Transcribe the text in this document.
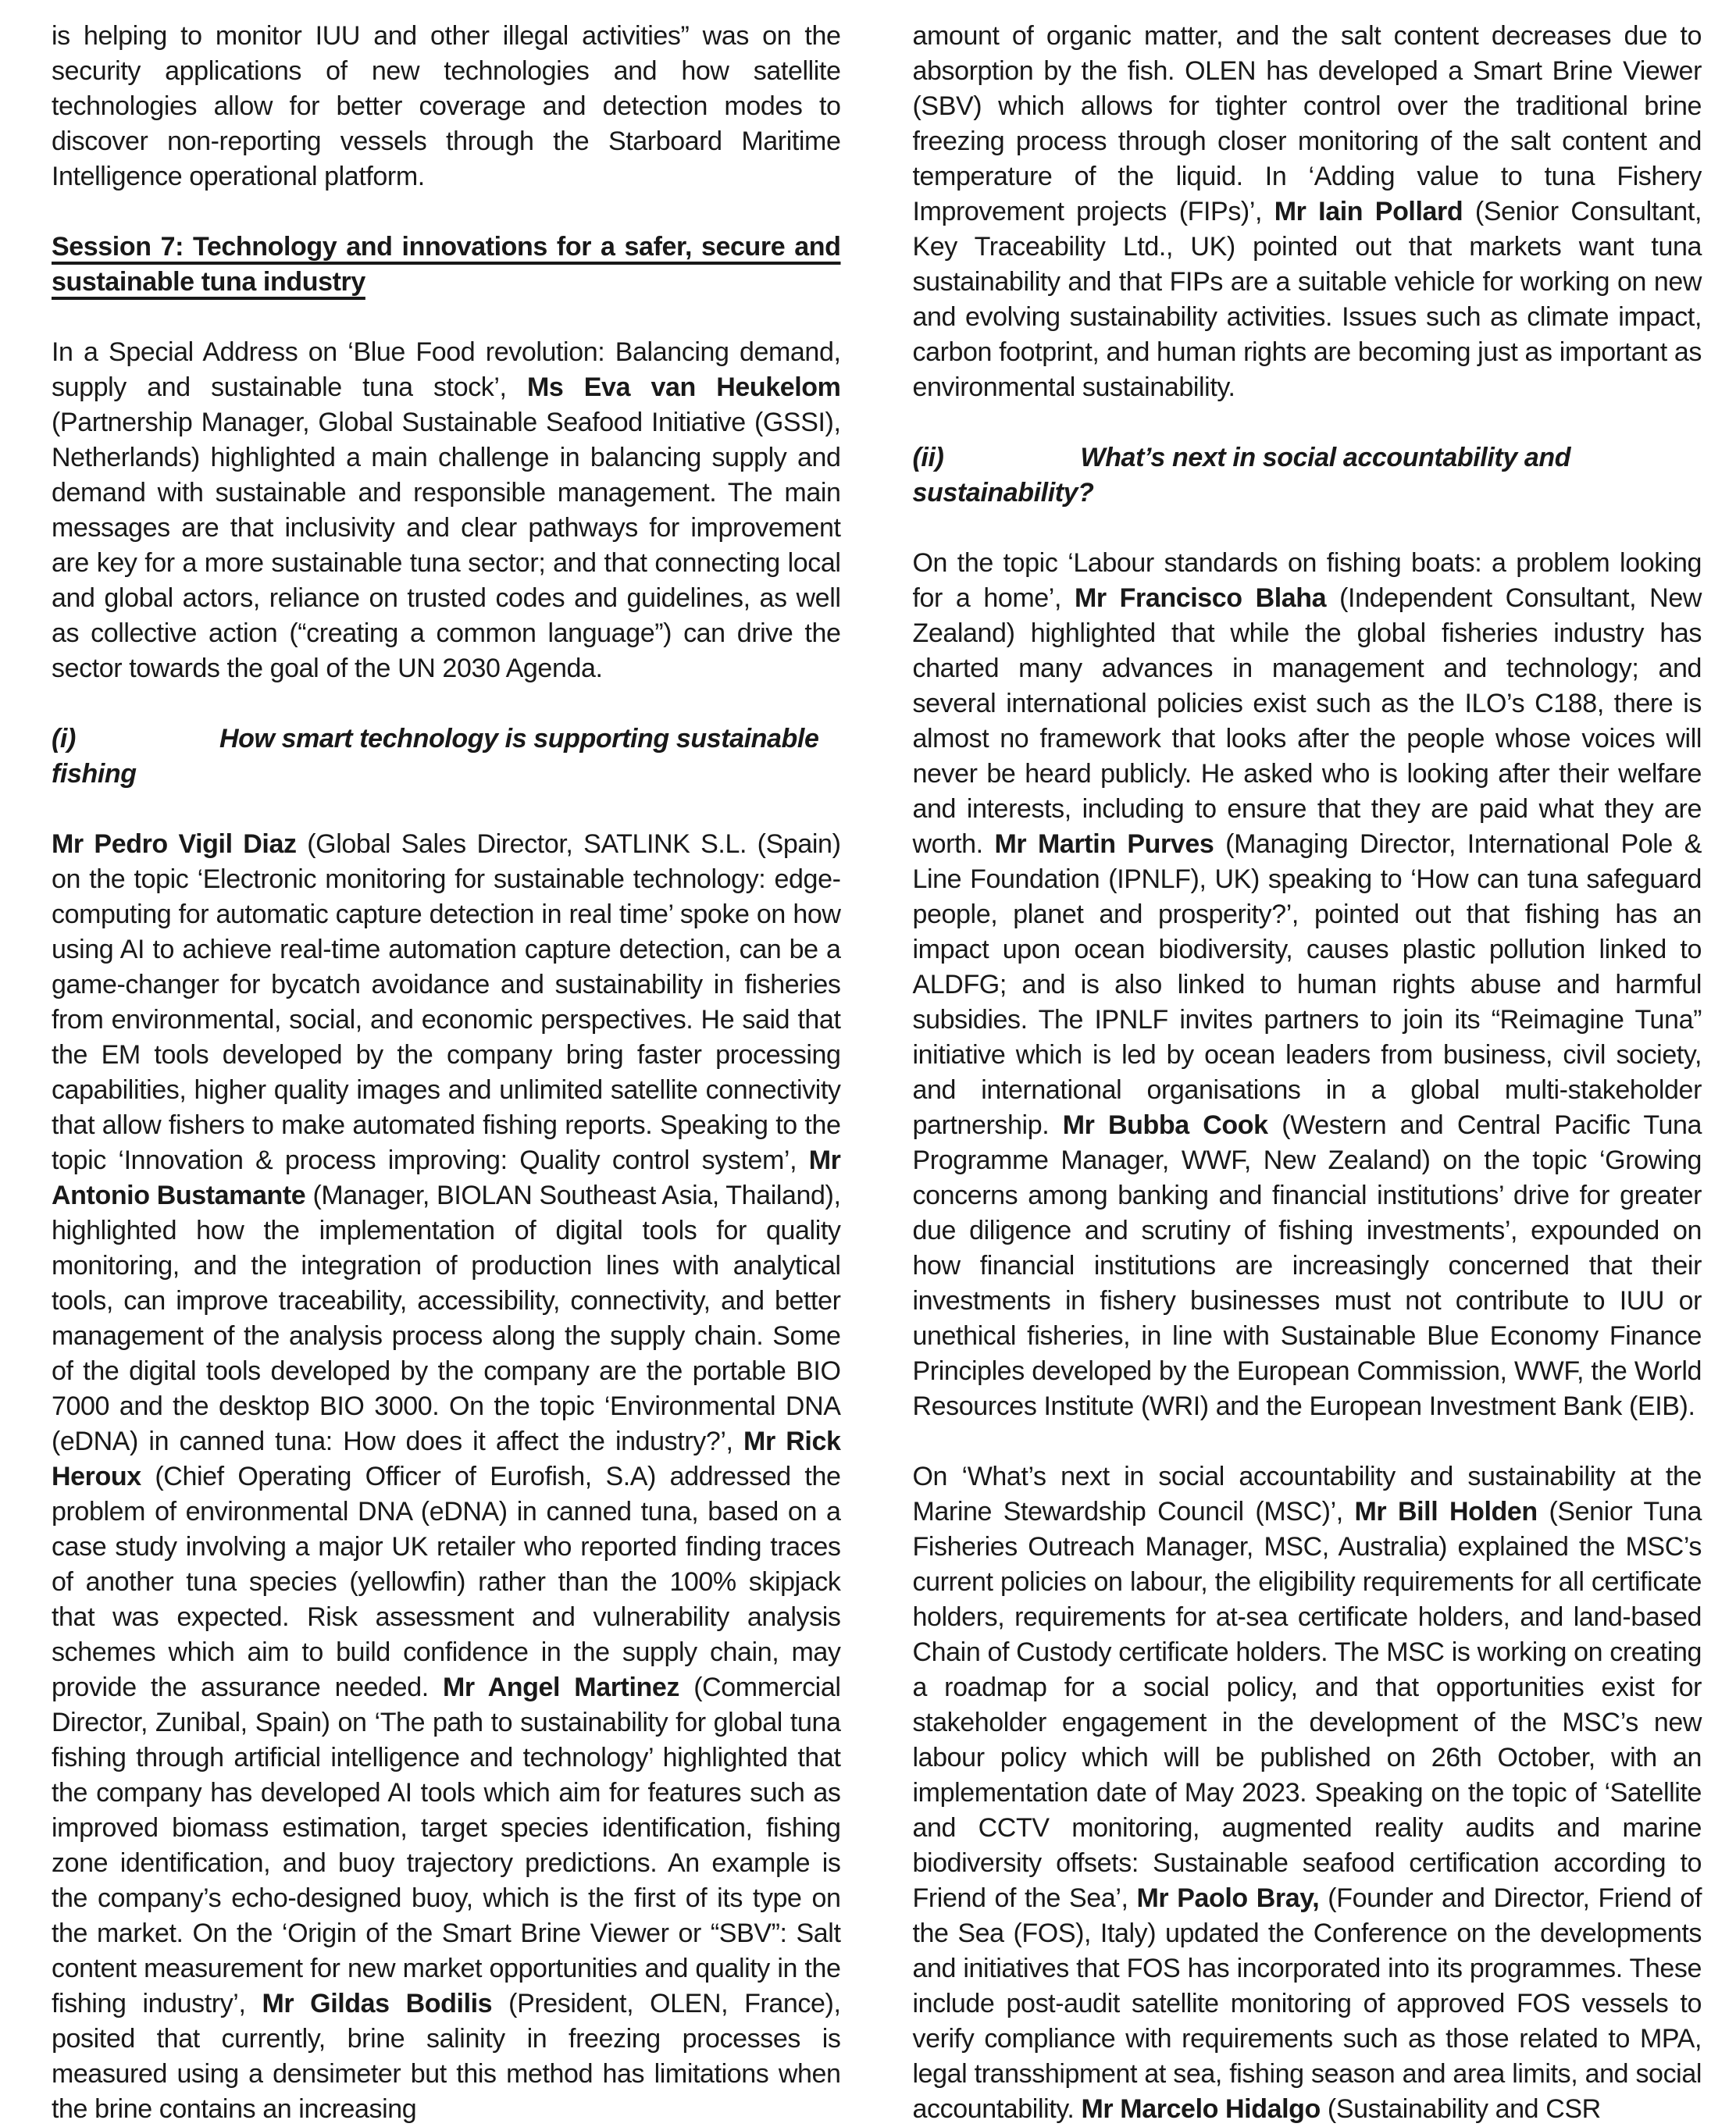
is helping to monitor IUU and other illegal activities” was on the security applications of new technologies and how satellite technologies allow for better coverage and detection modes to discover non-reporting vessels through the Starboard Maritime Intelligence operational platform.
Session 7: Technology and innovations for a safer, secure and sustainable tuna industry
In a Special Address on ‘Blue Food revolution: Balancing demand, supply and sustainable tuna stock’, Ms Eva van Heukelom (Partnership Manager, Global Sustainable Seafood Initiative (GSSI), Netherlands) highlighted a main challenge in balancing supply and demand with sustainable and responsible management. The main messages are that inclusivity and clear pathways for improvement are key for a more sustainable tuna sector; and that connecting local and global actors, reliance on trusted codes and guidelines, as well as collective action (“creating a common language”) can drive the sector towards the goal of the UN 2030 Agenda.
(i)	How smart technology is supporting sustainable fishing
Mr Pedro Vigil Diaz (Global Sales Director, SATLINK S.L. (Spain) on the topic ‘Electronic monitoring for sustainable technology: edge-computing for automatic capture detection in real time’ spoke on how using AI to achieve real-time automation capture detection, can be a game-changer for bycatch avoidance and sustainability in fisheries from environmental, social, and economic perspectives. He said that the EM tools developed by the company bring faster processing capabilities, higher quality images and unlimited satellite connectivity that allow fishers to make automated fishing reports. Speaking to the topic ‘Innovation & process improving: Quality control system’, Mr Antonio Bustamante (Manager, BIOLAN Southeast Asia, Thailand), highlighted how the implementation of digital tools for quality monitoring, and the integration of production lines with analytical tools, can improve traceability, accessibility, connectivity, and better management of the analysis process along the supply chain. Some of the digital tools developed by the company are the portable BIO 7000 and the desktop BIO 3000. On the topic ‘Environmental DNA (eDNA) in canned tuna: How does it affect the industry?’, Mr Rick Heroux (Chief Operating Officer of Eurofish, S.A) addressed the problem of environmental DNA (eDNA) in canned tuna, based on a case study involving a major UK retailer who reported finding traces of another tuna species (yellowfin) rather than the 100% skipjack that was expected. Risk assessment and vulnerability analysis schemes which aim to build confidence in the supply chain, may provide the assurance needed. Mr Angel Martinez (Commercial Director, Zunibal, Spain) on ‘The path to sustainability for global tuna fishing through artificial intelligence and technology’ highlighted that the company has developed AI tools which aim for features such as improved biomass estimation, target species identification, fishing zone identification, and buoy trajectory predictions. An example is the company’s echo-designed buoy, which is the first of its type on the market. On the ‘Origin of the Smart Brine Viewer or “SBV”: Salt content measurement for new market opportunities and quality in the fishing industry’, Mr Gildas Bodilis (President, OLEN, France), posited that currently, brine salinity in freezing processes is measured using a densimeter but this method has limitations when the brine contains an increasing
amount of organic matter, and the salt content decreases due to absorption by the fish. OLEN has developed a Smart Brine Viewer (SBV) which allows for tighter control over the traditional brine freezing process through closer monitoring of the salt content and temperature of the liquid. In ‘Adding value to tuna Fishery Improvement projects (FIPs)’, Mr Iain Pollard (Senior Consultant, Key Traceability Ltd., UK) pointed out that markets want tuna sustainability and that FIPs are a suitable vehicle for working on new and evolving sustainability activities. Issues such as climate impact, carbon footprint, and human rights are becoming just as important as environmental sustainability.
(ii)	What’s next in social accountability and sustainability?
On the topic ‘Labour standards on fishing boats: a problem looking for a home’, Mr Francisco Blaha (Independent Consultant, New Zealand) highlighted that while the global fisheries industry has charted many advances in management and technology; and several international policies exist such as the ILO’s C188, there is almost no framework that looks after the people whose voices will never be heard publicly. He asked who is looking after their welfare and interests, including to ensure that they are paid what they are worth. Mr Martin Purves (Managing Director, International Pole & Line Foundation (IPNLF), UK) speaking to ‘How can tuna safeguard people, planet and prosperity?’, pointed out that fishing has an impact upon ocean biodiversity, causes plastic pollution linked to ALDFG; and is also linked to human rights abuse and harmful subsidies. The IPNLF invites partners to join its “Reimagine Tuna” initiative which is led by ocean leaders from business, civil society, and international organisations in a global multi-stakeholder partnership. Mr Bubba Cook (Western and Central Pacific Tuna Programme Manager, WWF, New Zealand) on the topic ‘Growing concerns among banking and financial institutions’ drive for greater due diligence and scrutiny of fishing investments’, expounded on how financial institutions are increasingly concerned that their investments in fishery businesses must not contribute to IUU or unethical fisheries, in line with Sustainable Blue Economy Finance Principles developed by the European Commission, WWF, the World Resources Institute (WRI) and the European Investment Bank (EIB).
On ‘What’s next in social accountability and sustainability at the Marine Stewardship Council (MSC)’, Mr Bill Holden (Senior Tuna Fisheries Outreach Manager, MSC, Australia) explained the MSC’s current policies on labour, the eligibility requirements for all certificate holders, requirements for at-sea certificate holders, and land-based Chain of Custody certificate holders. The MSC is working on creating a roadmap for a social policy, and that opportunities exist for stakeholder engagement in the development of the MSC’s new labour policy which will be published on 26th October, with an implementation date of May 2023. Speaking on the topic of ‘Satellite and CCTV monitoring, augmented reality audits and marine biodiversity offsets: Sustainable seafood certification according to Friend of the Sea’, Mr Paolo Bray, (Founder and Director, Friend of the Sea (FOS), Italy) updated the Conference on the developments and initiatives that FOS has incorporated into its programmes. These include post-audit satellite monitoring of approved FOS vessels to verify compliance with requirements such as those related to MPA, legal transshipment at sea, fishing season and area limits, and social accountability. Mr Marcelo Hidalgo (Sustainability and CSR
